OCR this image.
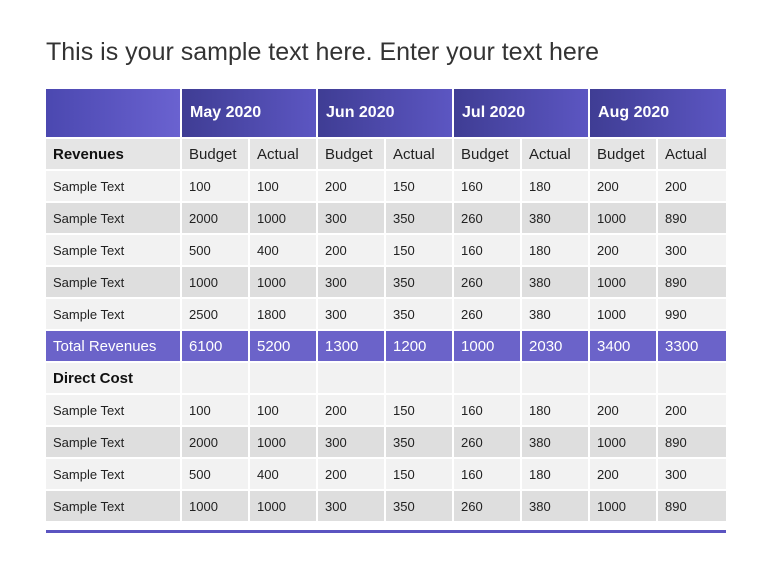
This is your sample text here. Enter your text here
	May 2020		Jun 2020		Jul 2020		Aug 2020	
Revenues	Budget	Actual	Budget	Actual	Budget	Actual	Budget	Actual
Sample Text	100	100	200	150	160	180	200	200
Sample Text	2000	1000	300	350	260	380	1000	890
Sample Text	500	400	200	150	160	180	200	300
Sample Text	1000	1000	300	350	260	380	1000	890
Sample Text	2500	1800	300	350	260	380	1000	990
Total Revenues	6100	5200	1300	1200	1000	2030	3400	3300
Direct Cost								
Sample Text	100	100	200	150	160	180	200	200
Sample Text	2000	1000	300	350	260	380	1000	890
Sample Text	500	400	200	150	160	180	200	300
Sample Text	1000	1000	300	350	260	380	1000	890
